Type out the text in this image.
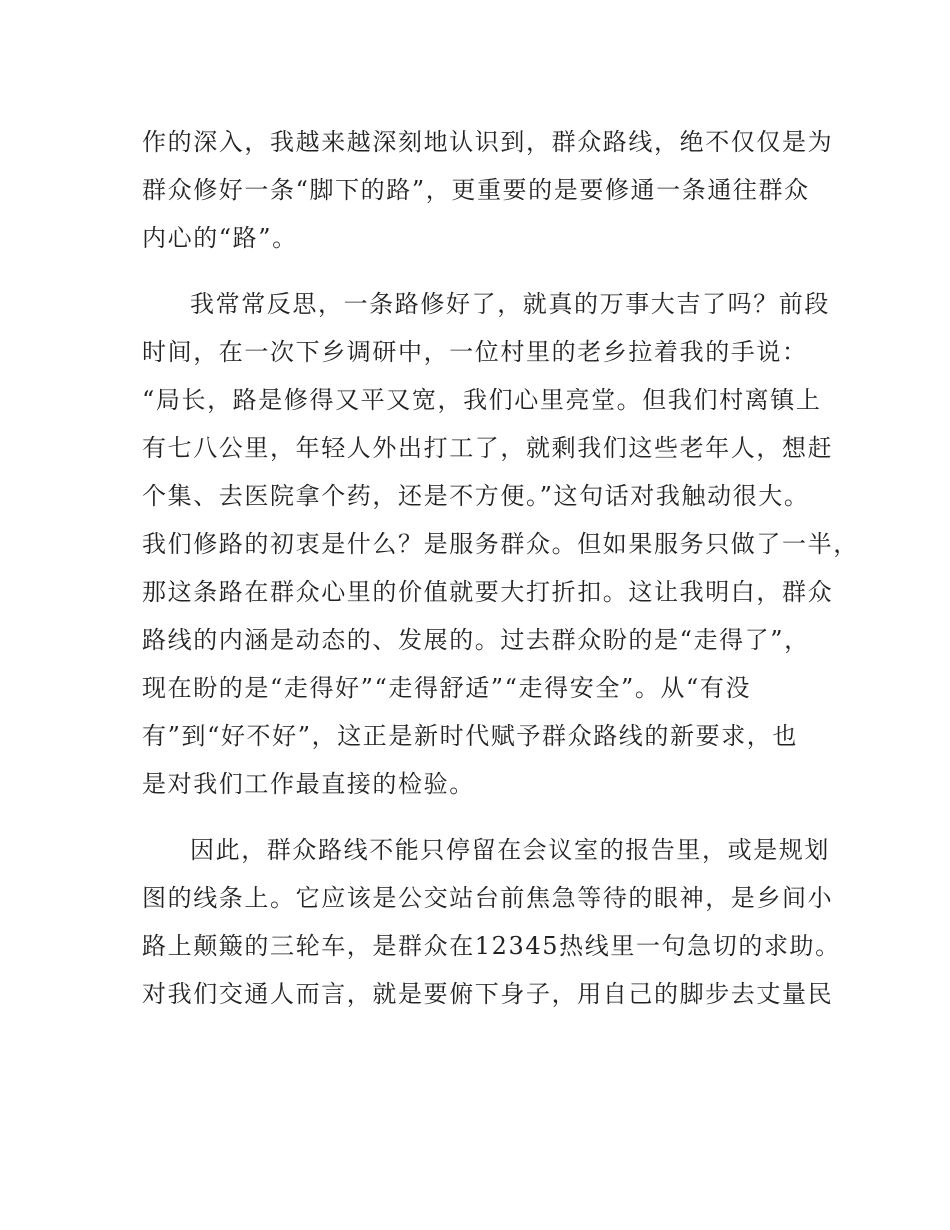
作的深入，我越来越深刻地认识到，群众路线，绝不仅仅是为
群众修好一条“脚下的路”，更重要的是要修通一条通往群众
内心的“路”。

我常常反思，一条路修好了，就真的万事大吉了吗？前段
时间，在一次下乡调研中，一位村里的老乡拉着我的手说：
“局长，路是修得又平又宽，我们心里亮堂。但我们村离镇上
有七八公里，年轻人外出打工了，就剩我们这些老年人，想赶
个集、去医院拿个药，还是不方便。”这句话对我触动很大。
我们修路的初衷是什么？是服务群众。但如果服务只做了一半，
那这条路在群众心里的价值就要大打折扣。这让我明白，群众
路线的内涵是动态的、发展的。过去群众盼的是“走得了”，
现在盼的是“走得好”“走得舒适”“走得安全”。从“有没
有”到“好不好”，这正是新时代赋予群众路线的新要求，也
是对我们工作最直接的检验。

因此，群众路线不能只停留在会议室的报告里，或是规划
图的线条上。它应该是公交站台前焦急等待的眼神，是乡间小
路上颠簸的三轮车，是群众在12345热线里一句急切的求助。
对我们交通人而言，就是要俯下身子，用自己的脚步去丈量民
